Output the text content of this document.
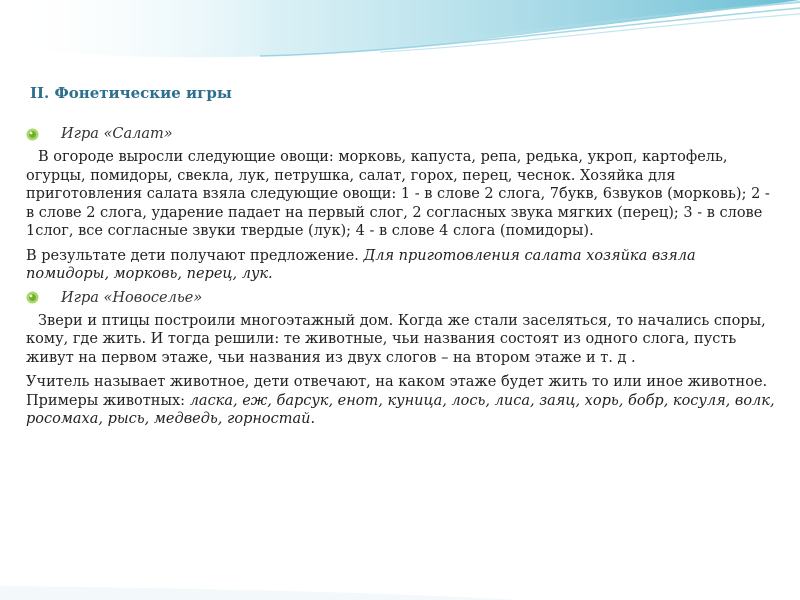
II. Фонетические игры
Игра «Салат»

В огороде выросли следующие овощи: морковь, капуста, репа, редька, укроп, картофель, огурцы, помидоры, свекла, лук, петрушка, салат, горох, перец, чеснок. Хозяйка для приготовления салата взяла следующие овощи: 1 - в слове 2 слога, 7букв, 6звуков (морковь); 2 - в слове 2 слога, ударение падает на первый слог, 2 согласных звука мягких (перец); 3 - в слове 1слог, все согласные звуки твердые (лук); 4 - в слове 4 слога (помидоры).

В результате дети получают предложение. Для приготовления салата хозяйка взяла помидоры, морковь, перец, лук.

Игра «Новоселье»

Звери и птицы построили многоэтажный дом. Когда же стали заселяться, то начались споры, кому, где жить. И тогда решили: те животные, чьи названия состоят из одного слога, пусть живут на первом этаже, чьи названия из двух слогов – на втором этаже и т. д .

Учитель называет животное, дети отвечают, на каком этаже будет жить то или иное животное. Примеры животных: ласка, еж, барсук, енот, куница, лось, лиса, заяц, хорь, бобр, косуля, волк, росомаха, рысь, медведь, горностай.
